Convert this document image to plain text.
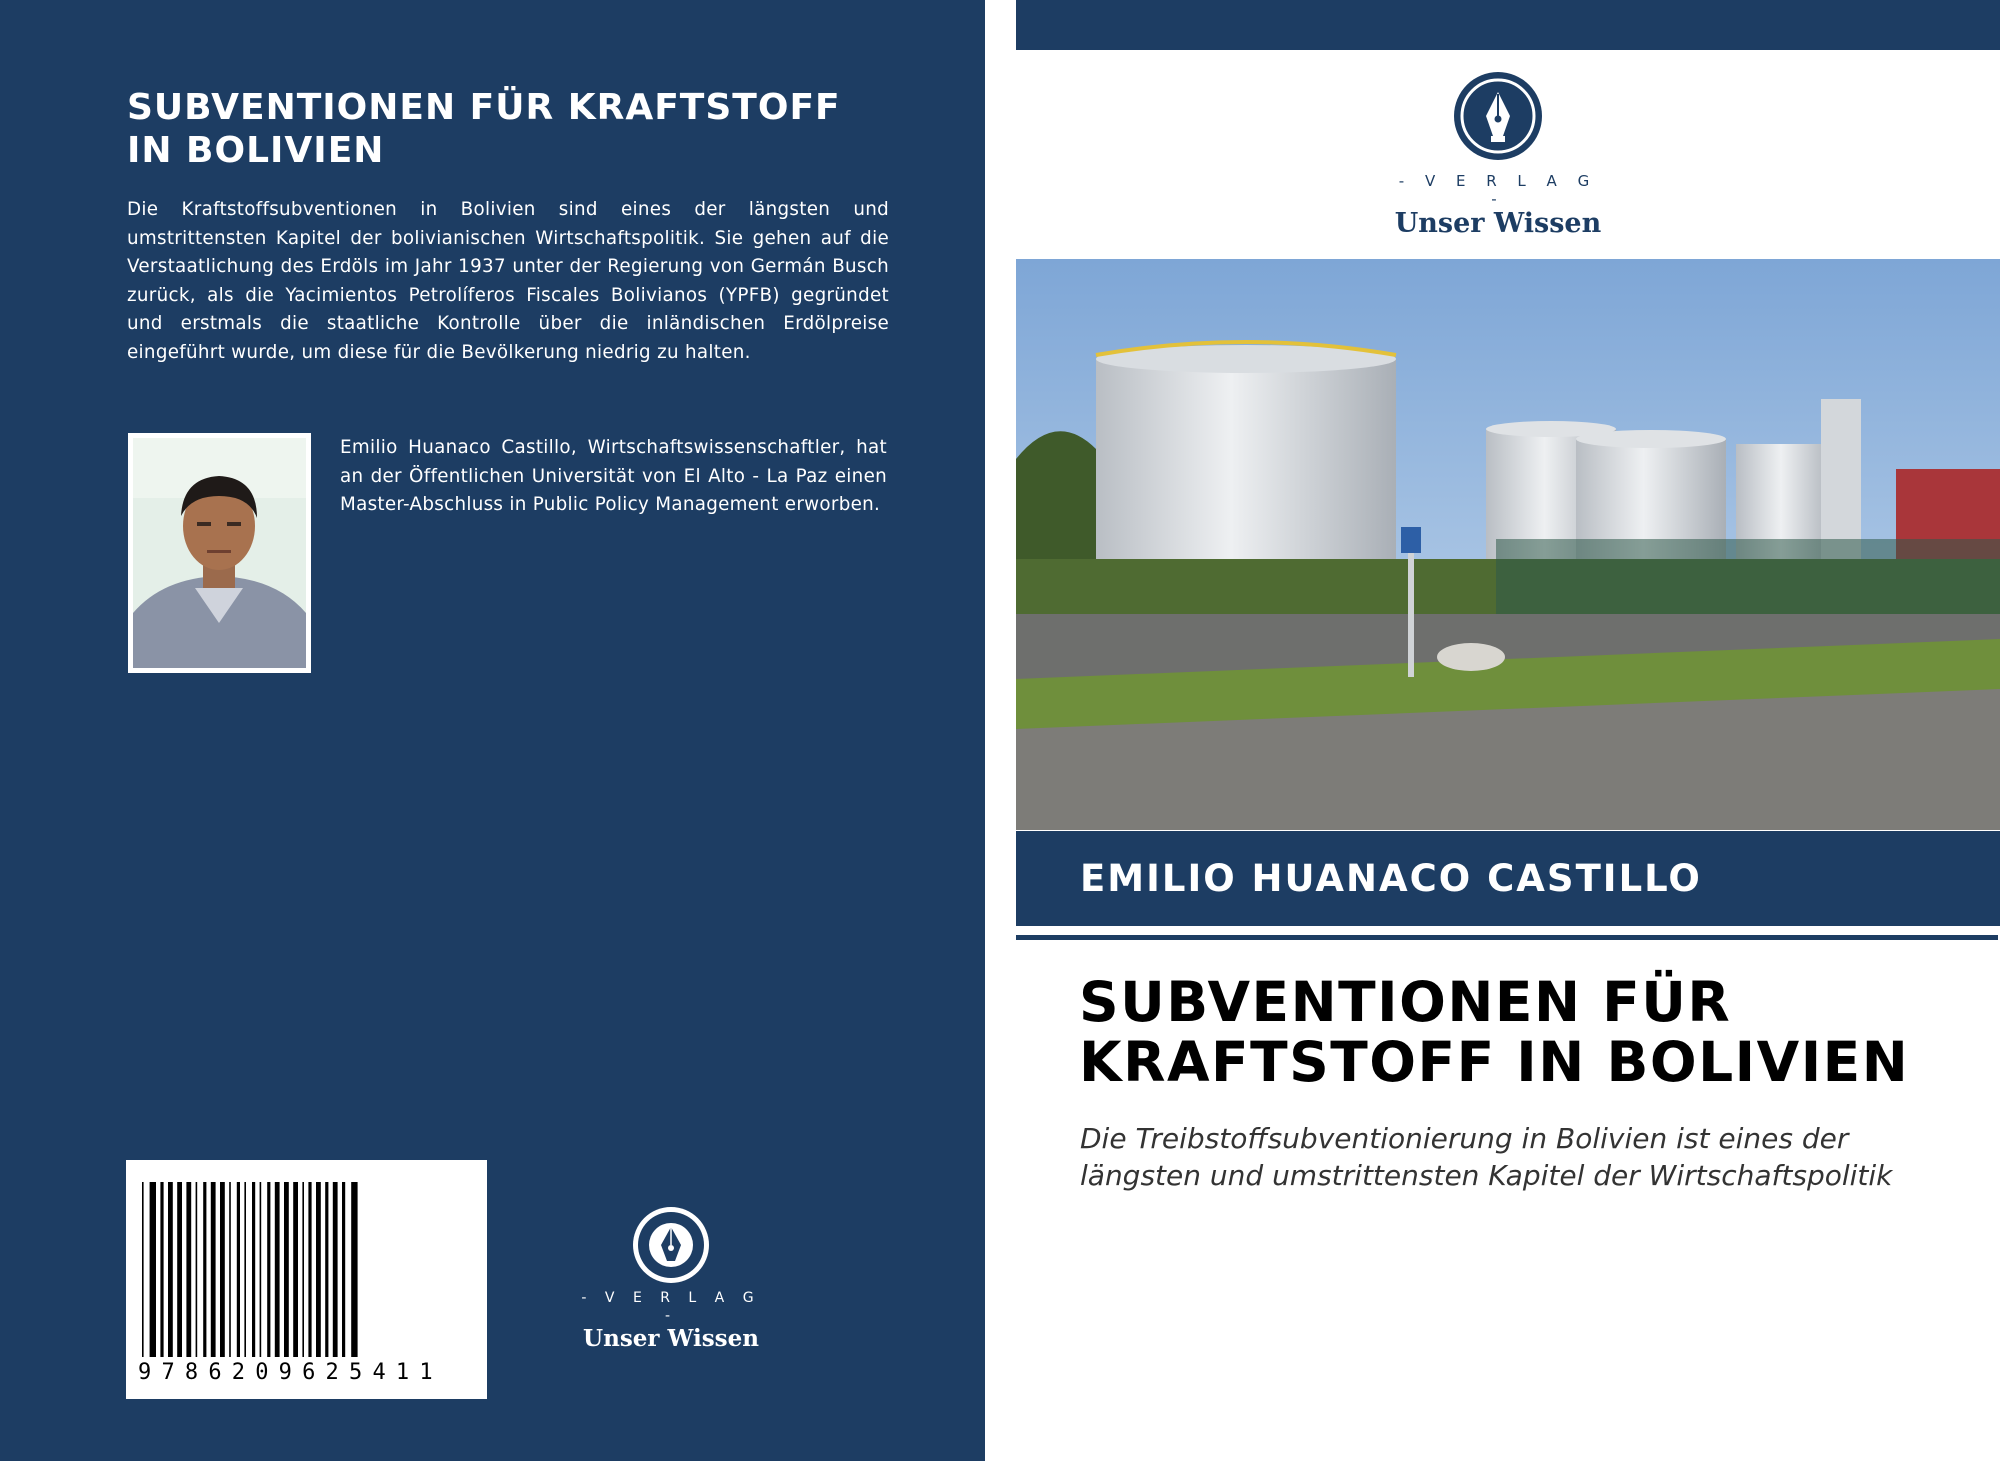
SUBVENTIONEN FÜR KRAFTSTOFF IN BOLIVIEN
Die Kraftstoffsubventionen in Bolivien sind eines der längsten und umstrittensten Kapitel der bolivianischen Wirtschaftspolitik. Sie gehen auf die Verstaatlichung des Erdöls im Jahr 1937 unter der Regierung von Germán Busch zurück, als die Yacimientos Petrolíferos Fiscales Bolivianos (YPFB) gegründet und erstmals die staatliche Kontrolle über die inländischen Erdölpreise eingeführt wurde, um diese für die Bevölkerung niedrig zu halten.
Emilio Huanaco Castillo, Wirtschaftswissenschaftler, hat an der Öffentlichen Universität von El Alto - La Paz einen Master-Abschluss in Public Policy Management erworben.
9786209625411
- V E R L A G -
Unser Wissen
- V E R L A G -
Unser Wissen
EMILIO HUANACO CASTILLO
SUBVENTIONEN FÜR KRAFTSTOFF IN BOLIVIEN
Die Treibstoffsubventionierung in Bolivien ist eines der längsten und umstrittensten Kapitel der Wirtschaftspolitik
